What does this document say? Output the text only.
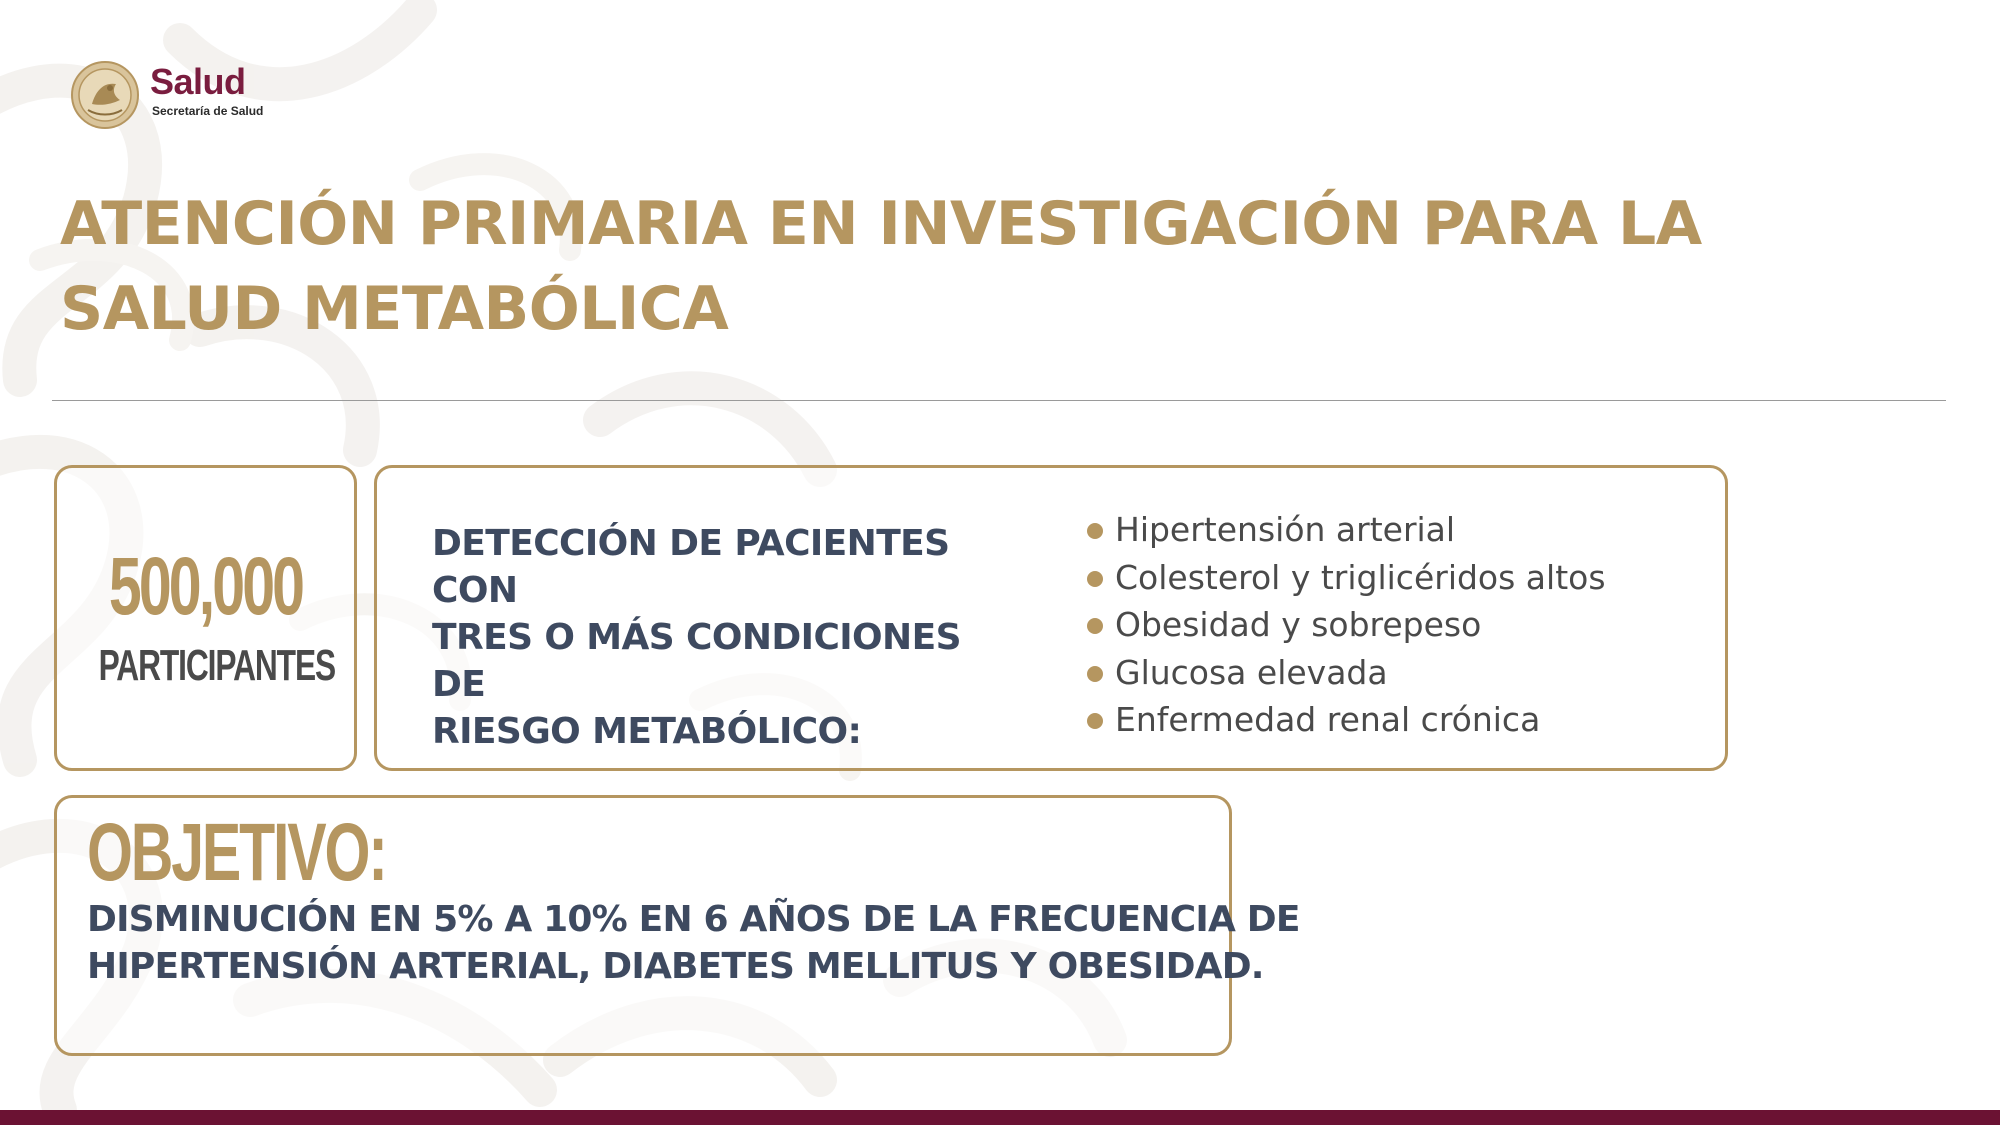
Salud

Secretaría de Salud

ATENCIÓN PRIMARIA EN INVESTIGACIÓN PARA LA
SALUD METABÓLICA
500,000
PARTICIPANTES

DETECCIÓN DE PACIENTES CON
TRES O MÁS CONDICIONES DE
RIESGO METABÓLICO:

Hipertensión arterial
Colesterol y triglicéridos altos
Obesidad y sobrepeso
Glucosa elevada
Enfermedad renal crónica
OBJETIVO:

DISMINUCIÓN EN 5% A 10% EN 6 AÑOS DE LA FRECUENCIA DE
HIPERTENSIÓN ARTERIAL, DIABETES MELLITUS Y OBESIDAD.
